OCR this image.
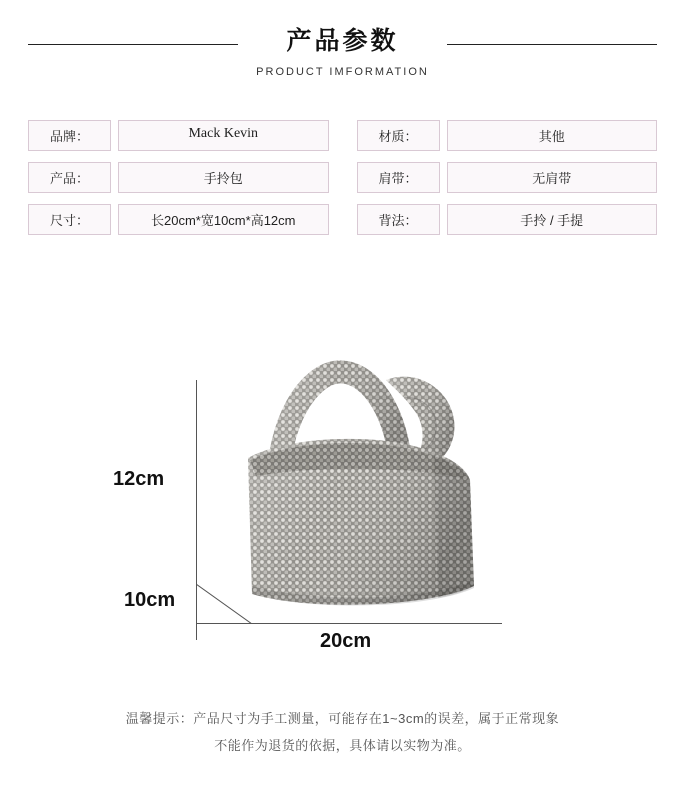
产品参数
PRODUCT IMFORMATION
品牌：	Mack Kevin
产品：	手拎包
尺寸：	长20cm*宽10cm*高12cm
材质：	其他
肩带：	无肩带
背法：	手拎 / 手提
12cm
10cm
20cm
温馨提示：产品尺寸为手工测量，可能存在1~3cm的误差，属于正常现象
不能作为退货的依据，具体请以实物为准。
